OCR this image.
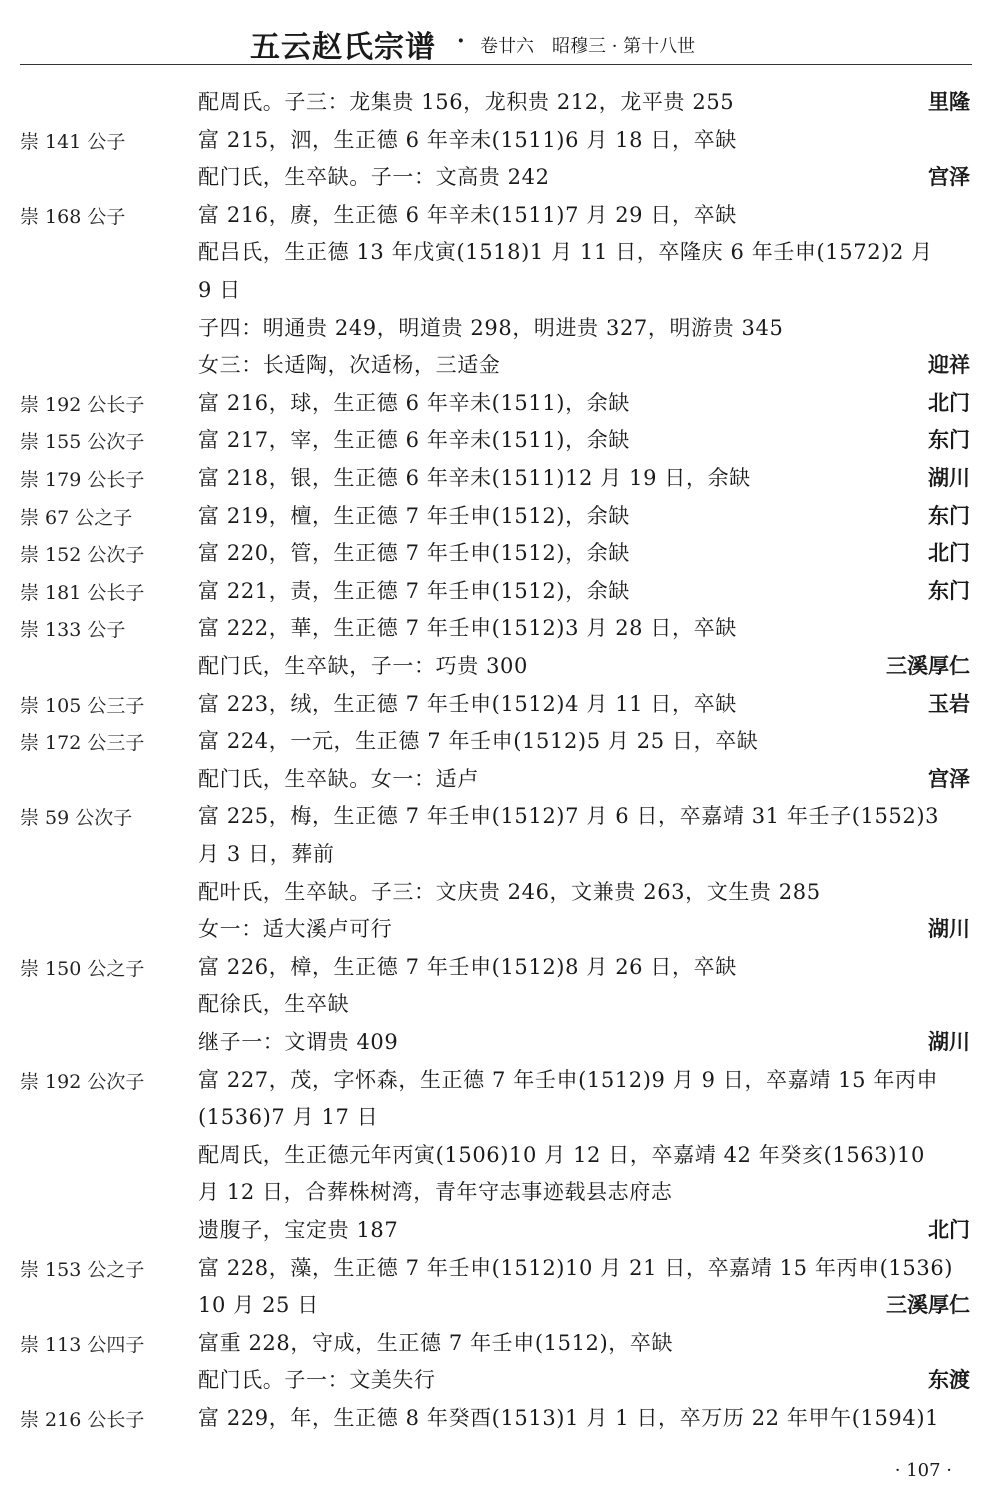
五云赵氏宗谱 · 卷廿六　昭穆三 · 第十八世
配周氏。子三：龙集贵 156，龙积贵 212，龙平贵 255	里隆
崇 141 公子	富 215，泗，生正德 6 年辛未(1511)6 月 18 日，卒缺
配门氏，生卒缺。子一：文高贵 242	宫泽
崇 168 公子	富 216，赓，生正德 6 年辛未(1511)7 月 29 日，卒缺
配吕氏，生正德 13 年戊寅(1518)1 月 11 日，卒隆庆 6 年壬申(1572)2 月
9 日
子四：明通贵 249，明道贵 298，明进贵 327，明游贵 345
女三：长适陶，次适杨，三适金	迎祥
崇 192 公长子	富 216，球，生正德 6 年辛未(1511)，余缺	北门
崇 155 公次子	富 217，宰，生正德 6 年辛未(1511)，余缺	东门
崇 179 公长子	富 218，银，生正德 6 年辛未(1511)12 月 19 日，余缺	湖川
崇 67 公之子	富 219，檀，生正德 7 年壬申(1512)，余缺	东门
崇 152 公次子	富 220，管，生正德 7 年壬申(1512)，余缺	北门
崇 181 公长子	富 221，责，生正德 7 年壬申(1512)，余缺	东门
崇 133 公子	富 222，華，生正德 7 年壬申(1512)3 月 28 日，卒缺
配门氏，生卒缺，子一：巧贵 300	三溪厚仁
崇 105 公三子	富 223，绒，生正德 7 年壬申(1512)4 月 11 日，卒缺	玉岩
崇 172 公三子	富 224，一元，生正德 7 年壬申(1512)5 月 25 日，卒缺
配门氏，生卒缺。女一：适卢	宫泽
崇 59 公次子	富 225，梅，生正德 7 年壬申(1512)7 月 6 日，卒嘉靖 31 年壬子(1552)3
月 3 日，葬前
配叶氏，生卒缺。子三：文庆贵 246，文兼贵 263，文生贵 285
女一：适大溪卢可行	湖川
崇 150 公之子	富 226，樟，生正德 7 年壬申(1512)8 月 26 日，卒缺
配徐氏，生卒缺
继子一：文谓贵 409	湖川
崇 192 公次子	富 227，茂，字怀森，生正德 7 年壬申(1512)9 月 9 日，卒嘉靖 15 年丙申
(1536)7 月 17 日
配周氏，生正德元年丙寅(1506)10 月 12 日，卒嘉靖 42 年癸亥(1563)10
月 12 日，合葬株树湾，青年守志事迹载县志府志
遗腹子，宝定贵 187	北门
崇 153 公之子	富 228，藻，生正德 7 年壬申(1512)10 月 21 日，卒嘉靖 15 年丙申(1536)
10 月 25 日	三溪厚仁
崇 113 公四子	富重 228，守成，生正德 7 年壬申(1512)，卒缺
配门氏。子一：文美失行	东渡
崇 216 公长子	富 229，年，生正德 8 年癸酉(1513)1 月 1 日，卒万历 22 年甲午(1594)1
· 107 ·
